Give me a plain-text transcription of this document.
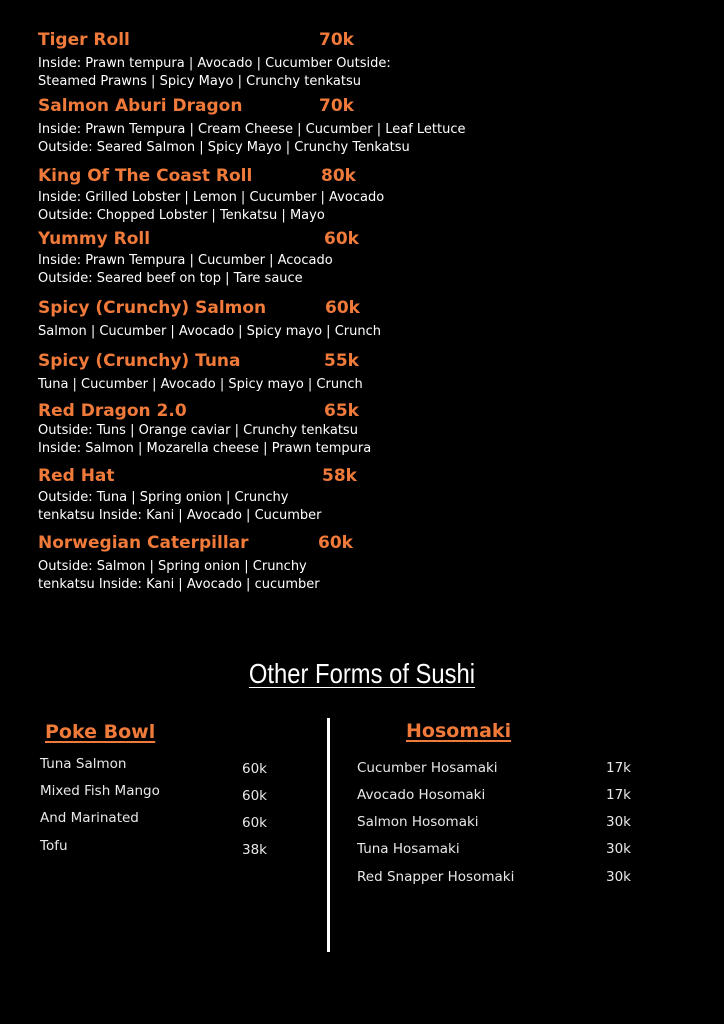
Tiger Roll	70k
Inside: Prawn tempura | Avocado | Cucumber Outside:
Steamed Prawns | Spicy Mayo | Crunchy tenkatsu
Salmon Aburi Dragon	70k
Inside: Prawn Tempura | Cream Cheese | Cucumber | Leaf Lettuce
Outside: Seared Salmon | Spicy Mayo | Crunchy Tenkatsu
King Of The Coast Roll	80k
Inside: Grilled Lobster | Lemon | Cucumber | Avocado
Outside: Chopped Lobster | Tenkatsu | Mayo
Yummy Roll	60k
Inside: Prawn Tempura | Cucumber | Acocado
Outside: Seared beef on top | Tare sauce
Spicy (Crunchy) Salmon	60k
Salmon | Cucumber | Avocado | Spicy mayo | Crunch
Spicy (Crunchy) Tuna	55k
Tuna | Cucumber | Avocado | Spicy mayo | Crunch
Red Dragon 2.0	65k
Outside: Tuns | Orange caviar | Crunchy tenkatsu
Inside: Salmon | Mozarella cheese | Prawn tempura
Red Hat	58k
Outside: Tuna | Spring onion | Crunchy
tenkatsu Inside: Kani | Avocado | Cucumber
Norwegian Caterpillar	60k
Outside: Salmon | Spring onion | Crunchy
tenkatsu Inside: Kani | Avocado | cucumber
Other Forms of Sushi
Poke Bowl
Tuna Salmon	60k
Mixed Fish Mango	60k
And Marinated	60k
Tofu	38k
Hosomaki
Cucumber Hosamaki	17k
Avocado Hosomaki	17k
Salmon Hosomaki	30k
Tuna Hosamaki	30k
Red Snapper Hosomaki	30k
